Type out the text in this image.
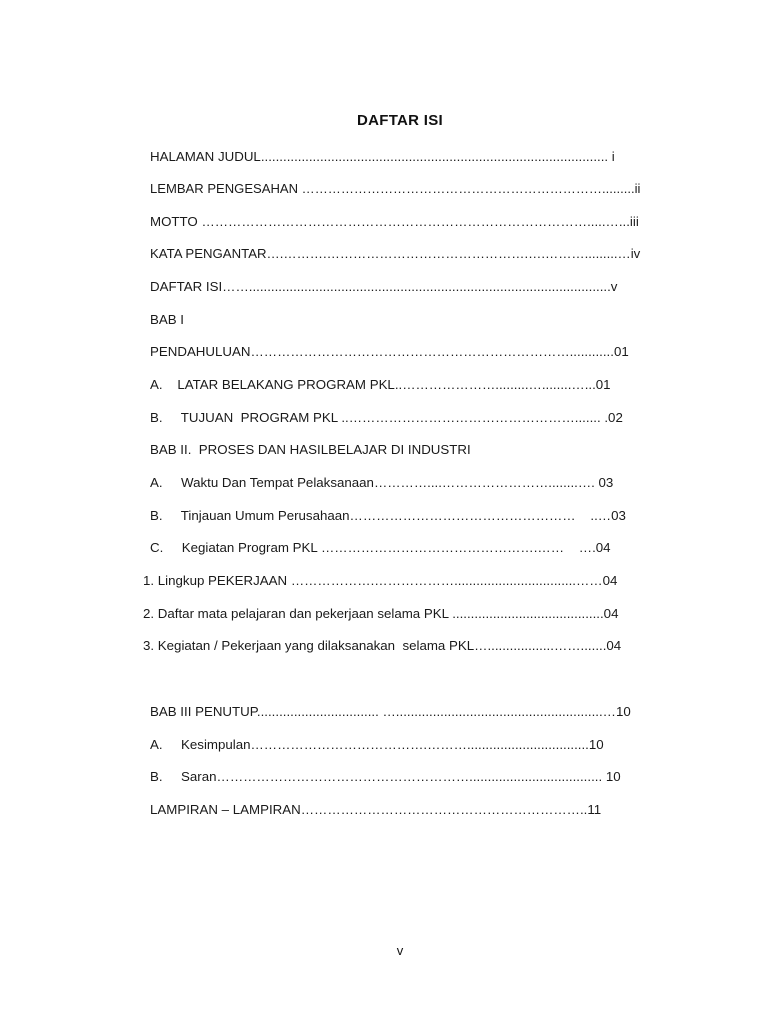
DAFTAR ISI
HALAMAN JUDUL.............................................................................................. i
LEMBAR PENGESAHAN …………………………………………………………….........ii
MOTTO …………………………………………………………………………….....…...iii
KATA PENGANTAR….……….……………………………………….….……….........…iv
DAFTAR ISI……..................................................................................................v
BAB I
PENDAHULUAN………………………………………………………………............01
A.    LATAR BELAKANG PROGRAM PKL..………………….........…........…...01
B.     TUJUAN  PROGRAM PKL ..……………………………………………....... .02
BAB II.  PROSES DAN HASILBELAJAR DI INDUSTRI
A.     Waktu Dan Tempat Pelaksanaan…………....……………………........…. 03
B.     Tinjauan Umum Perusahaan……………………………………………    ..…03
C.     Kegiatan Program PKL ………………………………………….……    ….04
1. Lingkup PEKERJAAN ……………….……………….................................……04
2. Daftar mata pelajaran dan pekerjaan selama PKL .........................................04
3. Kegiatan / Pekerjaan yang dilaksanakan  selama PKL…..................…….......04
BAB III PENUTUP................................. …........................................................…10
A.     Kesimpulan………………………………….……….................................10
B.     Saran………………………………………………….................................... 10
LAMPIRAN – LAMPIRAN………………………………………………………..11
v
